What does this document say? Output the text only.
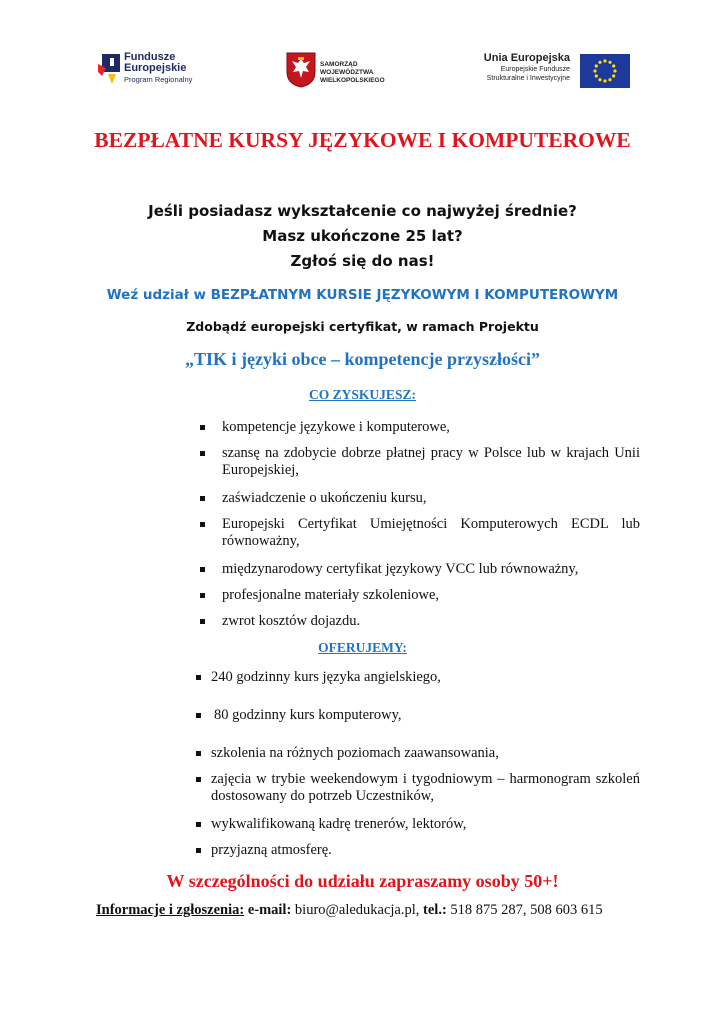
Fundusze
Europejskie
Program Regionalny
SAMORZĄD WOJEWÓDZTWA
WIELKOPOLSKIEGO
Unia Europejska
Europejskie Fundusze
Strukturalne i Inwestycyjne
BEZPŁATNE KURSY JĘZYKOWE I KOMPUTEROWE
Jeśli posiadasz wykształcenie co najwyżej średnie?
Masz ukończone 25 lat?
Zgłoś się do nas!
Weź udział w BEZPŁATNYM KURSIE JĘZYKOWYM I KOMPUTEROWYM
Zdobądź europejski certyfikat, w ramach Projektu
„TIK i języki obce – kompetencje przyszłości”
CO ZYSKUJESZ:
kompetencje językowe i komputerowe,
szansę na zdobycie dobrze płatnej pracy w Polsce lub w krajach Unii Europejskiej,
zaświadczenie o ukończeniu kursu,
Europejski Certyfikat Umiejętności Komputerowych ECDL lub równoważny,
międzynarodowy certyfikat językowy VCC lub równoważny,
profesjonalne materiały szkoleniowe,
zwrot kosztów dojazdu.
OFERUJEMY:
240 godzinny kurs języka angielskiego,
80 godzinny kurs komputerowy,
szkolenia na różnych poziomach zaawansowania,
zajęcia w trybie weekendowym i tygodniowym – harmonogram szkoleń dostosowany do potrzeb Uczestników,
wykwalifikowaną kadrę trenerów, lektorów,
przyjazną atmosferę.
W szczególności do udziału zapraszamy osoby 50+!
Informacje i zgłoszenia: e-mail: biuro@aledukacja.pl, tel.: 518 875 287, 508 603 615
